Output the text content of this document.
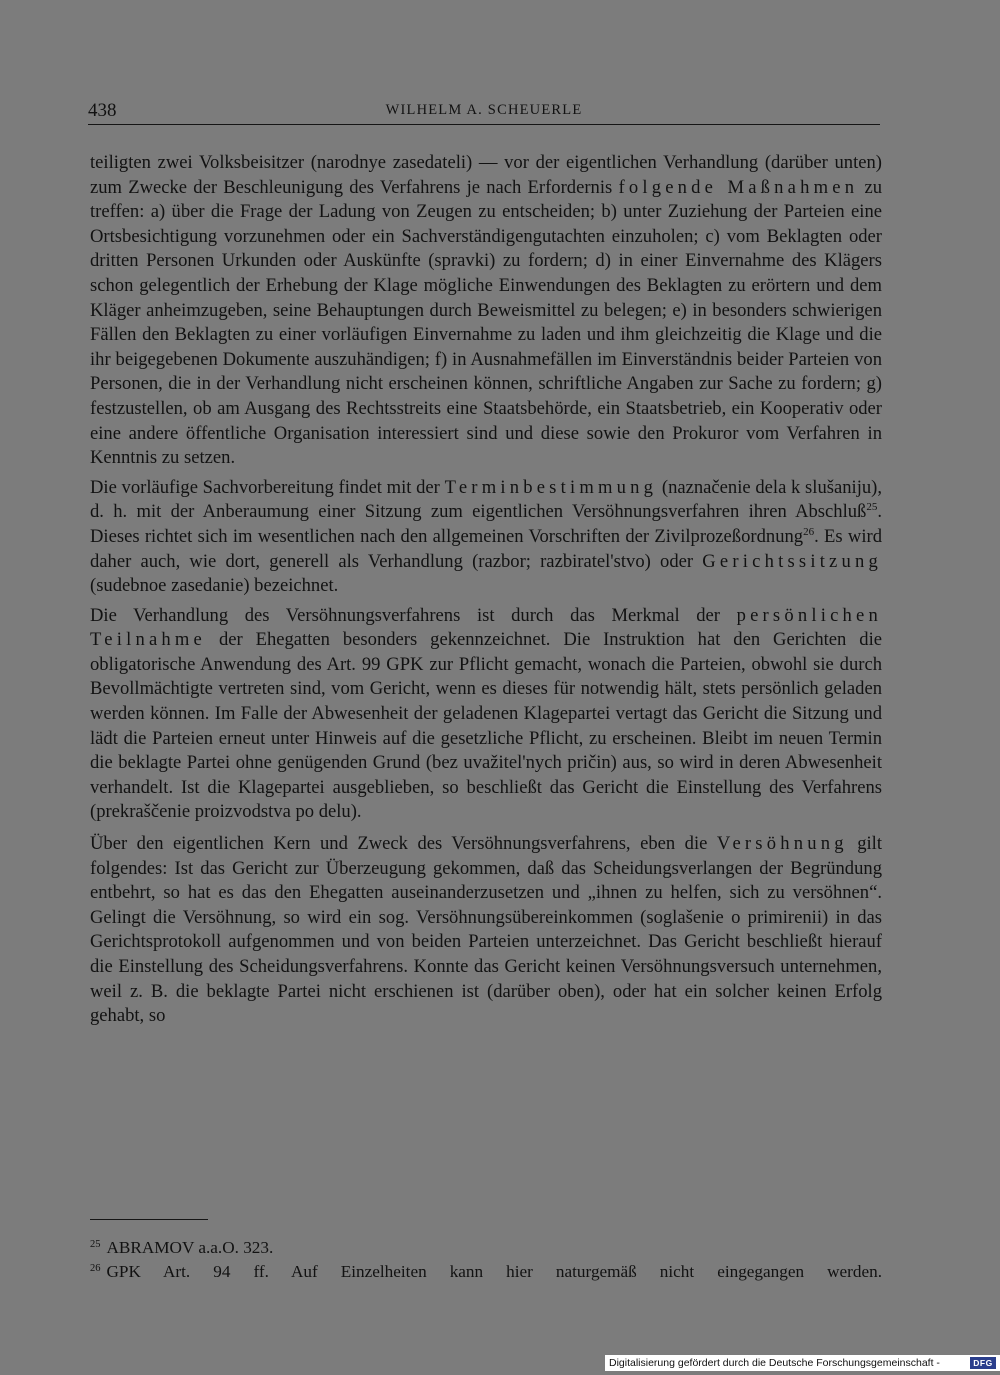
438	WILHELM A. SCHEUERLE

teiligten zwei Volksbeisitzer (narodnye zasedateli) — vor der eigentlichen Verhandlung (darüber unten) zum Zwecke der Beschleunigung des Verfahrens je nach Erfordernis folgende Maßnahmen zu treffen: a) über die Frage der Ladung von Zeugen zu entscheiden; b) unter Zuziehung der Parteien eine Ortsbesichtigung vorzunehmen oder ein Sachverständigengutachten einzuholen; c) vom Beklagten oder dritten Personen Urkunden oder Auskünfte (spravki) zu fordern; d) in einer Einvernahme des Klägers schon gelegentlich der Erhebung der Klage mögliche Einwendungen des Beklagten zu erörtern und dem Kläger anheimzugeben, seine Behauptungen durch Beweismittel zu belegen; e) in besonders schwierigen Fällen den Beklagten zu einer vorläufigen Einvernahme zu laden und ihm gleichzeitig die Klage und die ihr beigegebenen Dokumente auszuhändigen; f) in Ausnahmefällen im Einverständnis beider Parteien von Personen, die in der Verhandlung nicht erscheinen können, schriftliche Angaben zur Sache zu fordern; g) festzustellen, ob am Ausgang des Rechtsstreits eine Staatsbehörde, ein Staatsbetrieb, ein Kooperativ oder eine andere öffentliche Organisation interessiert sind und diese sowie den Prokuror vom Verfahren in Kenntnis zu setzen.

Die vorläufige Sachvorbereitung findet mit der Terminbestimmung (naznačenie dela k slušaniju), d. h. mit der Anberaumung einer Sitzung zum eigentlichen Versöhnungsverfahren ihren Abschluß$^{25}$. Dieses richtet sich im wesentlichen nach den allgemeinen Vorschriften der Zivilprozeßordnung$^{26}$. Es wird daher auch, wie dort, generell als Verhandlung (razbor; razbiratel'stvo) oder Gerichtssitzung (sudebnoe zasedanie) bezeichnet.

Die Verhandlung des Versöhnungsverfahrens ist durch das Merkmal der persönlichen Teilnahme der Ehegatten besonders gekennzeichnet. Die Instruktion hat den Gerichten die obligatorische Anwendung des Art. 99 GPK zur Pflicht gemacht, wonach die Parteien, obwohl sie durch Bevollmächtigte vertreten sind, vom Gericht, wenn es dieses für notwendig hält, stets persönlich geladen werden können. Im Falle der Abwesenheit der geladenen Klagepartei vertagt das Gericht die Sitzung und lädt die Parteien erneut unter Hinweis auf die gesetzliche Pflicht, zu erscheinen. Bleibt im neuen Termin die beklagte Partei ohne genügenden Grund (bez uvažitel'nych pričin) aus, so wird in deren Abwesenheit verhandelt. Ist die Klagepartei ausgeblieben, so beschließt das Gericht die Einstellung des Verfahrens (prekraščenie proizvodstva po delu).

Über den eigentlichen Kern und Zweck des Versöhnungsverfahrens, eben die Versöhnung gilt folgendes: Ist das Gericht zur Überzeugung gekommen, daß das Scheidungsverlangen der Begründung entbehrt, so hat es das den Ehegatten auseinanderzusetzen und „ihnen zu helfen, sich zu versöhnen“. Gelingt die Versöhnung, so wird ein sog. Versöhnungsübereinkommen (soglašenie o primirenii) in das Gerichtsprotokoll aufgenommen und von beiden Parteien unterzeichnet. Das Gericht beschließt hierauf die Einstellung des Scheidungsverfahrens. Konnte das Gericht keinen Versöhnungsversuch unternehmen, weil z. B. die beklagte Partei nicht erschienen ist (darüber oben), oder hat ein solcher keinen Erfolg gehabt, so

$^{25}$ ABRAMOV a.a.O. 323.

$^{26}$ GPK Art. 94 ff. Auf Einzelheiten kann hier naturgemäß nicht eingegangen werden.

Digitalisierung gefördert durch die Deutsche Forschungsgemeinschaft -	DFG
